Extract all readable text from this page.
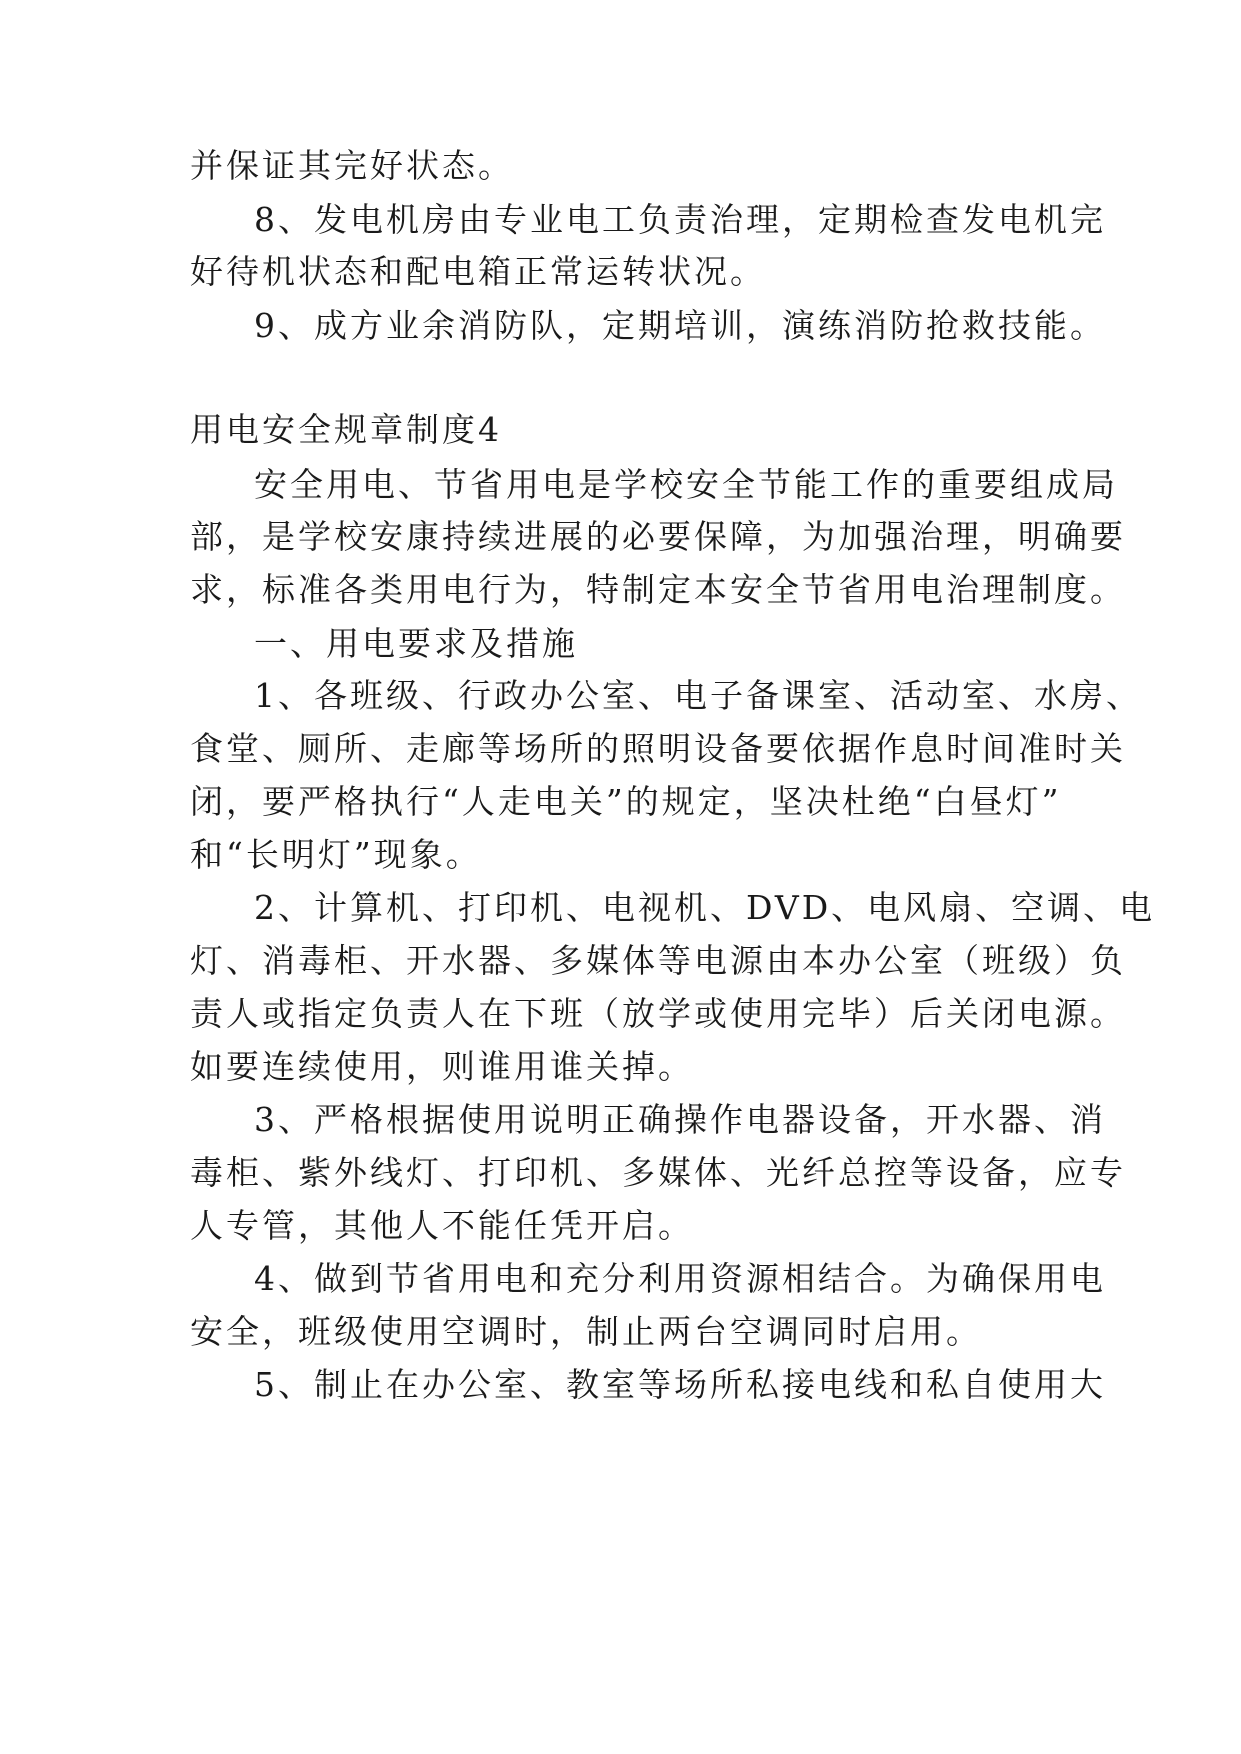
并保证其完好状态。
8、发电机房由专业电工负责治理，定期检查发电机完
好待机状态和配电箱正常运转状况。
9、成方业余消防队，定期培训，演练消防抢救技能。
用电安全规章制度4
安全用电、节省用电是学校安全节能工作的重要组成局
部，是学校安康持续进展的必要保障，为加强治理，明确要
求，标准各类用电行为，特制定本安全节省用电治理制度。
一、用电要求及措施
1、各班级、行政办公室、电子备课室、活动室、水房、
食堂、厕所、走廊等场所的照明设备要依据作息时间准时关
闭，要严格执行“人走电关”的规定，坚决杜绝“白昼灯”
和“长明灯”现象。
2、计算机、打印机、电视机、DVD、电风扇、空调、电
灯、消毒柜、开水器、多媒体等电源由本办公室（班级）负
责人或指定负责人在下班（放学或使用完毕）后关闭电源。
如要连续使用，则谁用谁关掉。
3、严格根据使用说明正确操作电器设备，开水器、消
毒柜、紫外线灯、打印机、多媒体、光纤总控等设备，应专
人专管，其他人不能任凭开启。
4、做到节省用电和充分利用资源相结合。为确保用电
安全，班级使用空调时，制止两台空调同时启用。
5、制止在办公室、教室等场所私接电线和私自使用大
